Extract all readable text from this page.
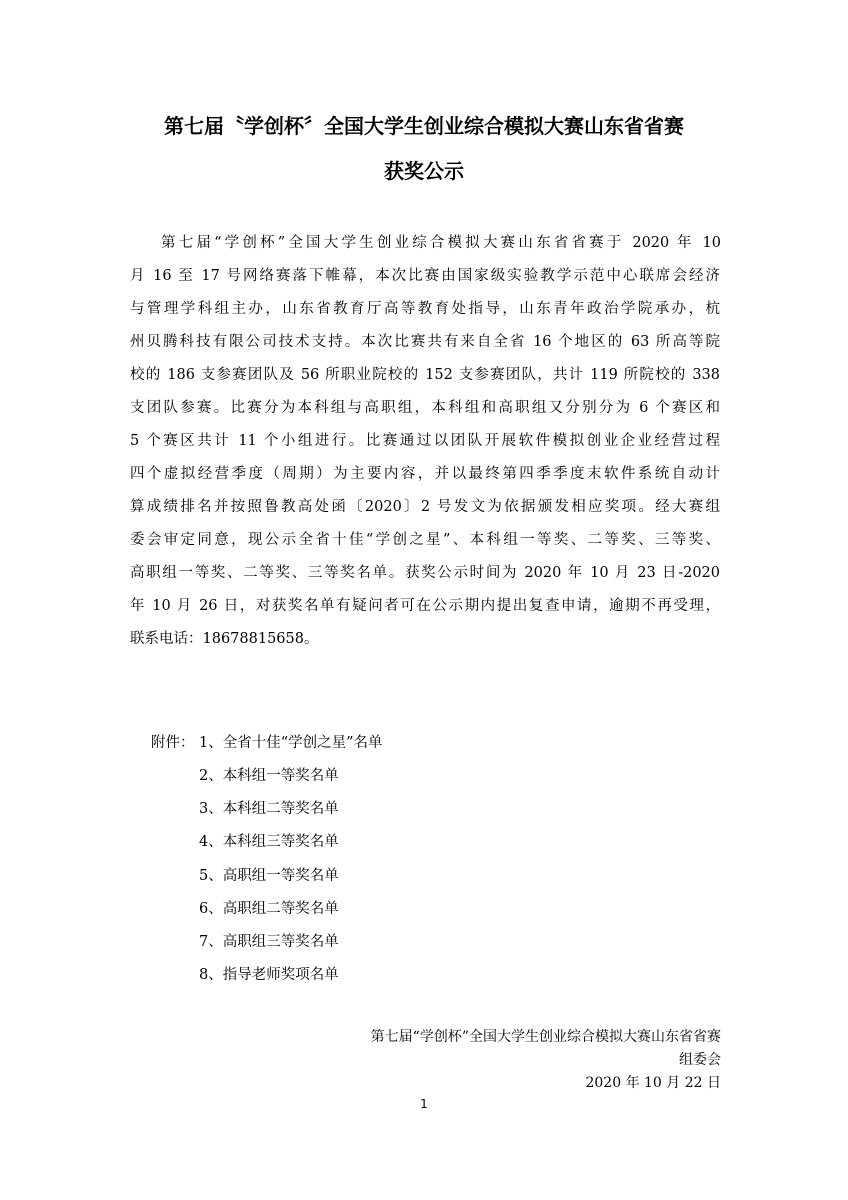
第七届〝学创杯〞全国大学生创业综合模拟大赛山东省省赛
获奖公示

第七届“学创杯”全国大学生创业综合模拟大赛山东省省赛于 2020 年 10

月 16 至 17 号网络赛落下帷幕，本次比赛由国家级实验教学示范中心联席会经济

与管理学科组主办，山东省教育厅高等教育处指导，山东青年政治学院承办，杭

州贝腾科技有限公司技术支持。本次比赛共有来自全省 16 个地区的 63 所高等院

校的 186 支参赛团队及 56 所职业院校的 152 支参赛团队，共计 119 所院校的 338

支团队参赛。比赛分为本科组与高职组，本科组和高职组又分别分为 6 个赛区和

5 个赛区共计 11 个小组进行。比赛通过以团队开展软件模拟创业企业经营过程

四个虚拟经营季度（周期）为主要内容，并以最终第四季季度末软件系统自动计

算成绩排名并按照鲁教高处函〔2020〕2 号发文为依据颁发相应奖项。经大赛组

委会审定同意，现公示全省十佳“学创之星”、本科组一等奖、二等奖、三等奖、

高职组一等奖、二等奖、三等奖名单。获奖公示时间为 2020 年 10 月 23 日-2020

年 10 月 26 日，对获奖名单有疑问者可在公示期内提出复查申请，逾期不再受理，

联系电话：18678815658。

附件： 1、全省十佳“学创之星”名单
2、本科组一等奖名单
3、本科组二等奖名单
4、本科组三等奖名单
5、高职组一等奖名单
6、高职组二等奖名单
7、高职组三等奖名单
8、指导老师奖项名单
第七届“学创杯”全国大学生创业综合模拟大赛山东省省赛
组委会
2020 年 10 月 22 日
1
